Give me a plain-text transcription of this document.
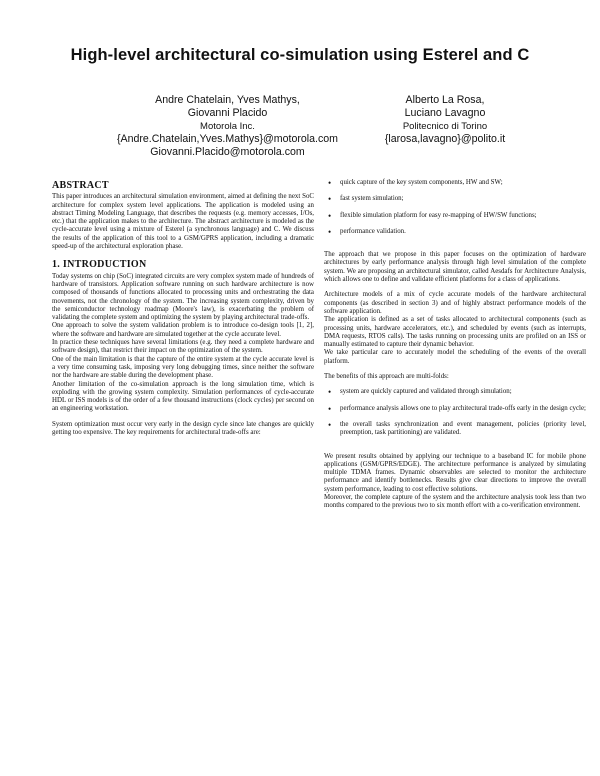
High-level architectural co-simulation using Esterel and C
Andre Chatelain, Yves Mathys,
Giovanni Placido
Motorola Inc.
{Andre.Chatelain,Yves.Mathys}@motorola.com
Giovanni.Placido@motorola.com
Alberto La Rosa,
Luciano Lavagno
Politecnico di Torino
{larosa,lavagno}@polito.it
ABSTRACT

This paper introduces an architectural simulation environment, aimed at defining the next SoC architecture for complex system level applications. The application is modeled using an abstract Timing Modeling Language, that describes the requests (e.g. memory accesses, I/Os, etc.) that the application makes to the architecture. The abstract architecture is modeled as the cycle-accurate level using a mixture of Esterel (a synchronous language) and C. We discuss the results of the application of this tool to a GSM/GPRS application, including a dramatic speed-up of the architectural exploration phase.

1. INTRODUCTION

Today systems on chip (SoC) integrated circuits are very complex system made of hundreds of hardware of transistors. Application software running on such hardware architecture is now composed of thousands of functions allocated to processing units and orchestrating the data movements, not the chronology of the system. The increasing system complexity, driven by the semiconductor technology roadmap (Moore's law), is exacerbating the problem of validating the complete system and optimizing the system by playing architectural trade-offs.

One approach to solve the system validation problem is to introduce co-design tools [1, 2], where the software and hardware are simulated together at the cycle accurate level.

In practice these techniques have several limitations (e.g. they need a complete hardware and software design), that restrict their impact on the optimization of the system.

One of the main limitation is that the capture of the entire system at the cycle accurate level is a very time consuming task, imposing very long debugging times, since neither the software nor the hardware are stable during the development phase.

Another limitation of the co-simulation approach is the long simulation time, which is exploding with the growing system complexity. Simulation performances of cycle-accurate HDL or ISS models is of the order of a few thousand instructions (clock cycles) per second on an engineering workstation.

System optimization must occur very early in the design cycle since late changes are quickly getting too expensive. The key requirements for architectural trade-offs are:

• quick capture of the key system components, HW and SW;
• fast system simulation;
• flexible simulation platform for easy re-mapping of HW/SW functions;
• performance validation.

The approach that we propose in this paper focuses on the optimization of hardware architectures by early performance analysis through high level simulation of the complete system. We are proposing an architectural simulator, called Aesdafs for Architecture Analysis, which allows one to define and validate efficient platforms for a class of applications.

Architecture models of a mix of cycle accurate models of the hardware architectural components (as described in section 3) and of highly abstract performance models of the software application.

The application is defined as a set of tasks allocated to architectural components (such as processing units, hardware accelerators, etc.), and scheduled by events (such as interrupts, DMA requests, RTOS calls). The tasks running on processing units are profiled on an ISS or manually estimated to capture their dynamic behavior.

We take particular care to accurately model the scheduling of the events of the overall platform.

The benefits of this approach are multi-folds:

• system are quickly captured and validated through simulation;
• performance analysis allows one to play architectural trade-offs early in the design cycle;
• the overall tasks synchronization and event management, policies (priority level, preemption, task partitioning) are validated.

We present results obtained by applying our technique to a baseband IC for mobile phone applications (GSM/GPRS/EDGE). The architecture performance is analyzed by simulating multiple TDMA frames. Dynamic observables are selected to monitor the architecture performance and identify bottlenecks. Results give clear directions to improve the overall system performance, leading to cost effective solutions.

Moreover, the complete capture of the system and the architecture analysis took less than two months compared to the previous two to six month effort with a co-verification environment.
